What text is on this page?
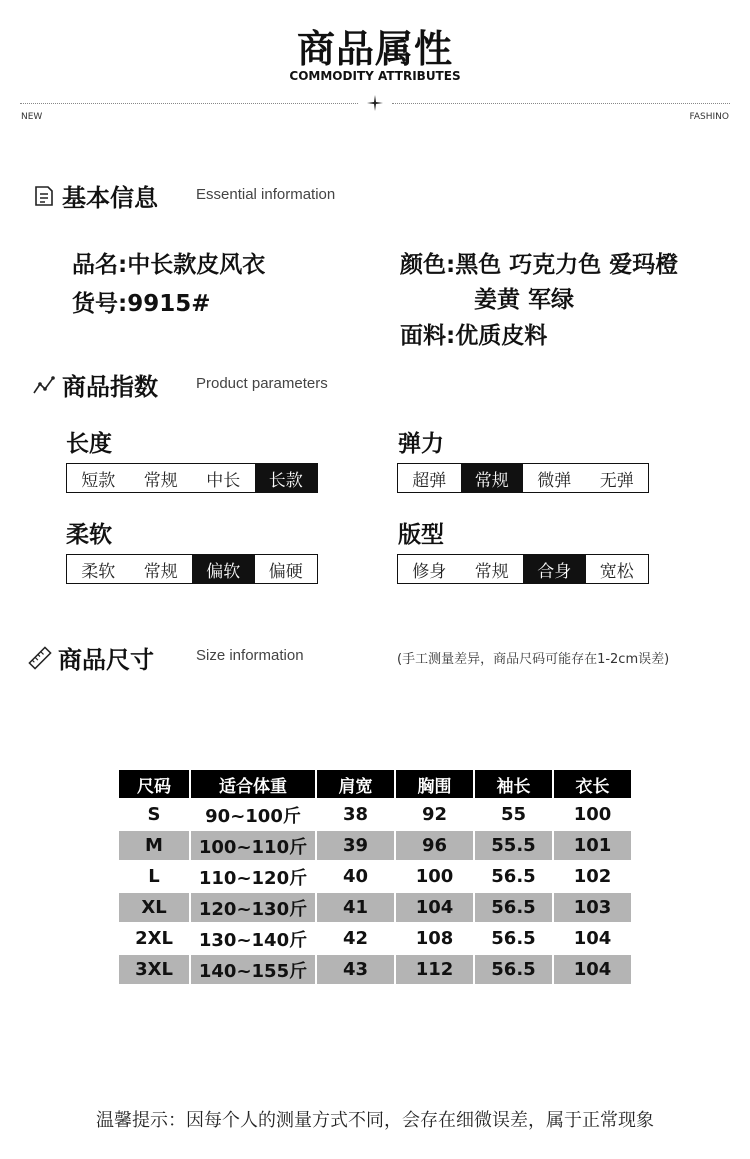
商品属性
COMMODITY ATTRIBUTES
NEW	FASHINO
基本信息	Essential information
品名:中长款皮风衣
货号:9915#
颜色:黑色 巧克力色 爱玛橙
姜黄 军绿
面料:优质皮料
商品指数	Product parameters
长度
短款	常规	中长	长款
弹力
超弹	常规	微弹	无弹
柔软
柔软	常规	偏软	偏硬
版型
修身	常规	合身	宽松
商品尺寸	Size information	(手工测量差异，商品尺码可能存在1-2cm误差)
尺码	适合体重	肩宽	胸围	袖长	衣长
S	90~100斤	38	92	55	100
M	100~110斤	39	96	55.5	101
L	110~120斤	40	100	56.5	102
XL	120~130斤	41	104	56.5	103
2XL	130~140斤	42	108	56.5	104
3XL	140~155斤	43	112	56.5	104
温馨提示：因每个人的测量方式不同，会存在细微误差，属于正常现象
